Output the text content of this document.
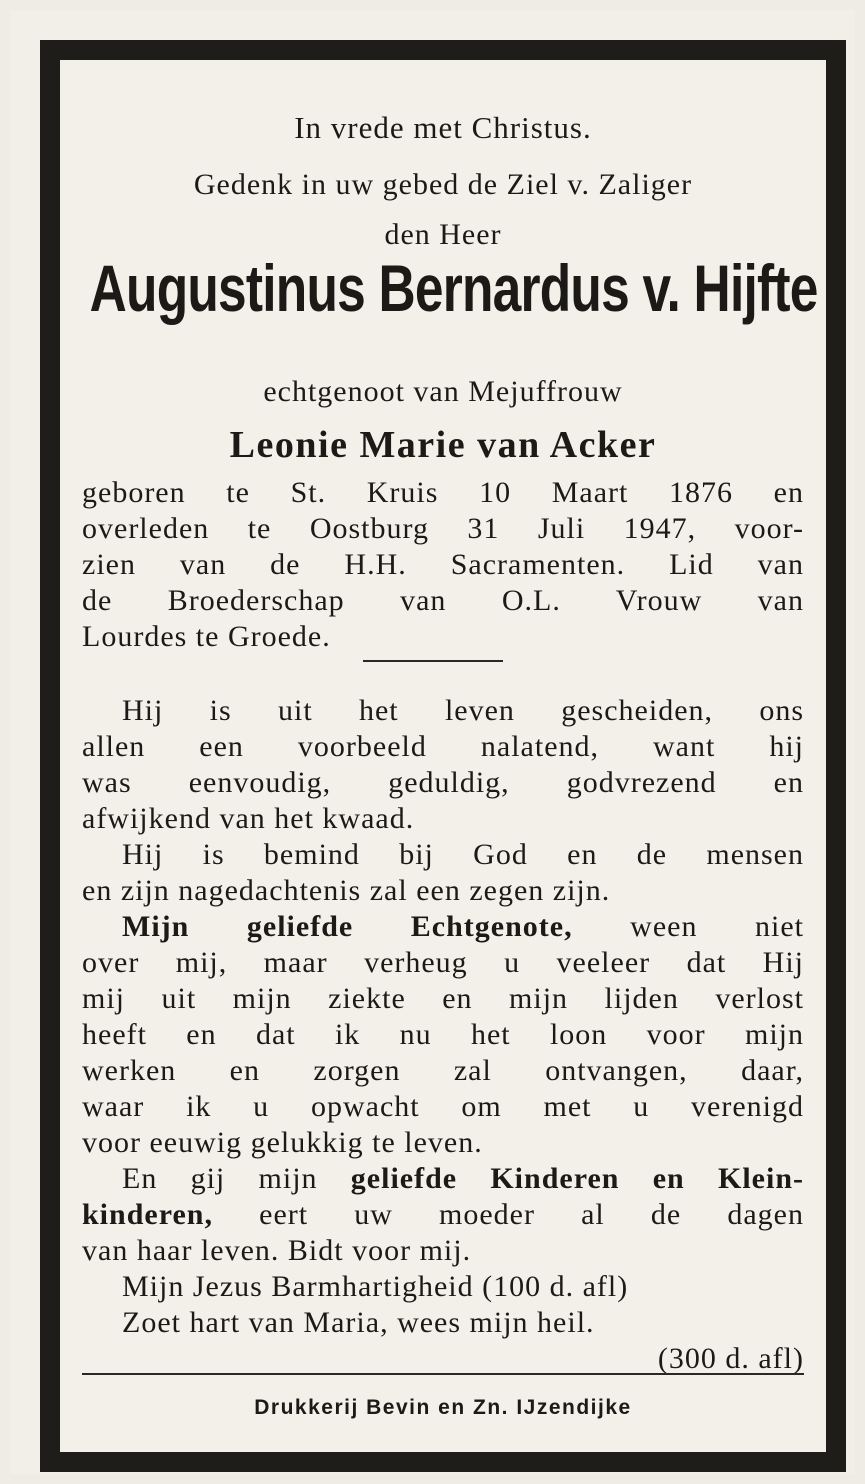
In vrede met Christus.
Gedenk in uw gebed de Ziel v. Zaliger
den Heer
Augustinus Bernardus v. Hijfte
echtgenoot van Mejuffrouw
Leonie Marie van Acker
geboren te St. Kruis 10 Maart 1876 en
overleden te Oostburg 31 Juli 1947, voor-
zien van de H.H. Sacramenten. Lid van
de Broederschap van O.L. Vrouw van
Lourdes te Groede.
Hij is uit het leven gescheiden, ons
allen een voorbeeld nalatend, want hij
was eenvoudig, geduldig, godvrezend en
afwijkend van het kwaad.
Hij is bemind bij God en de mensen
en zijn nagedachtenis zal een zegen zijn.
Mijn geliefde Echtgenote, ween niet
over mij, maar verheug u veeleer dat Hij
mij uit mijn ziekte en mijn lijden verlost
heeft en dat ik nu het loon voor mijn
werken en zorgen zal ontvangen, daar,
waar ik u opwacht om met u verenigd
voor eeuwig gelukkig te leven.
En gij mijn geliefde Kinderen en Klein-
kinderen, eert uw moeder al de dagen
van haar leven. Bidt voor mij.
Mijn Jezus Barmhartigheid (100 d. afl)
Zoet hart van Maria, wees mijn heil.
(300 d. afl)
Drukkerij Bevin en Zn. IJzendijke
